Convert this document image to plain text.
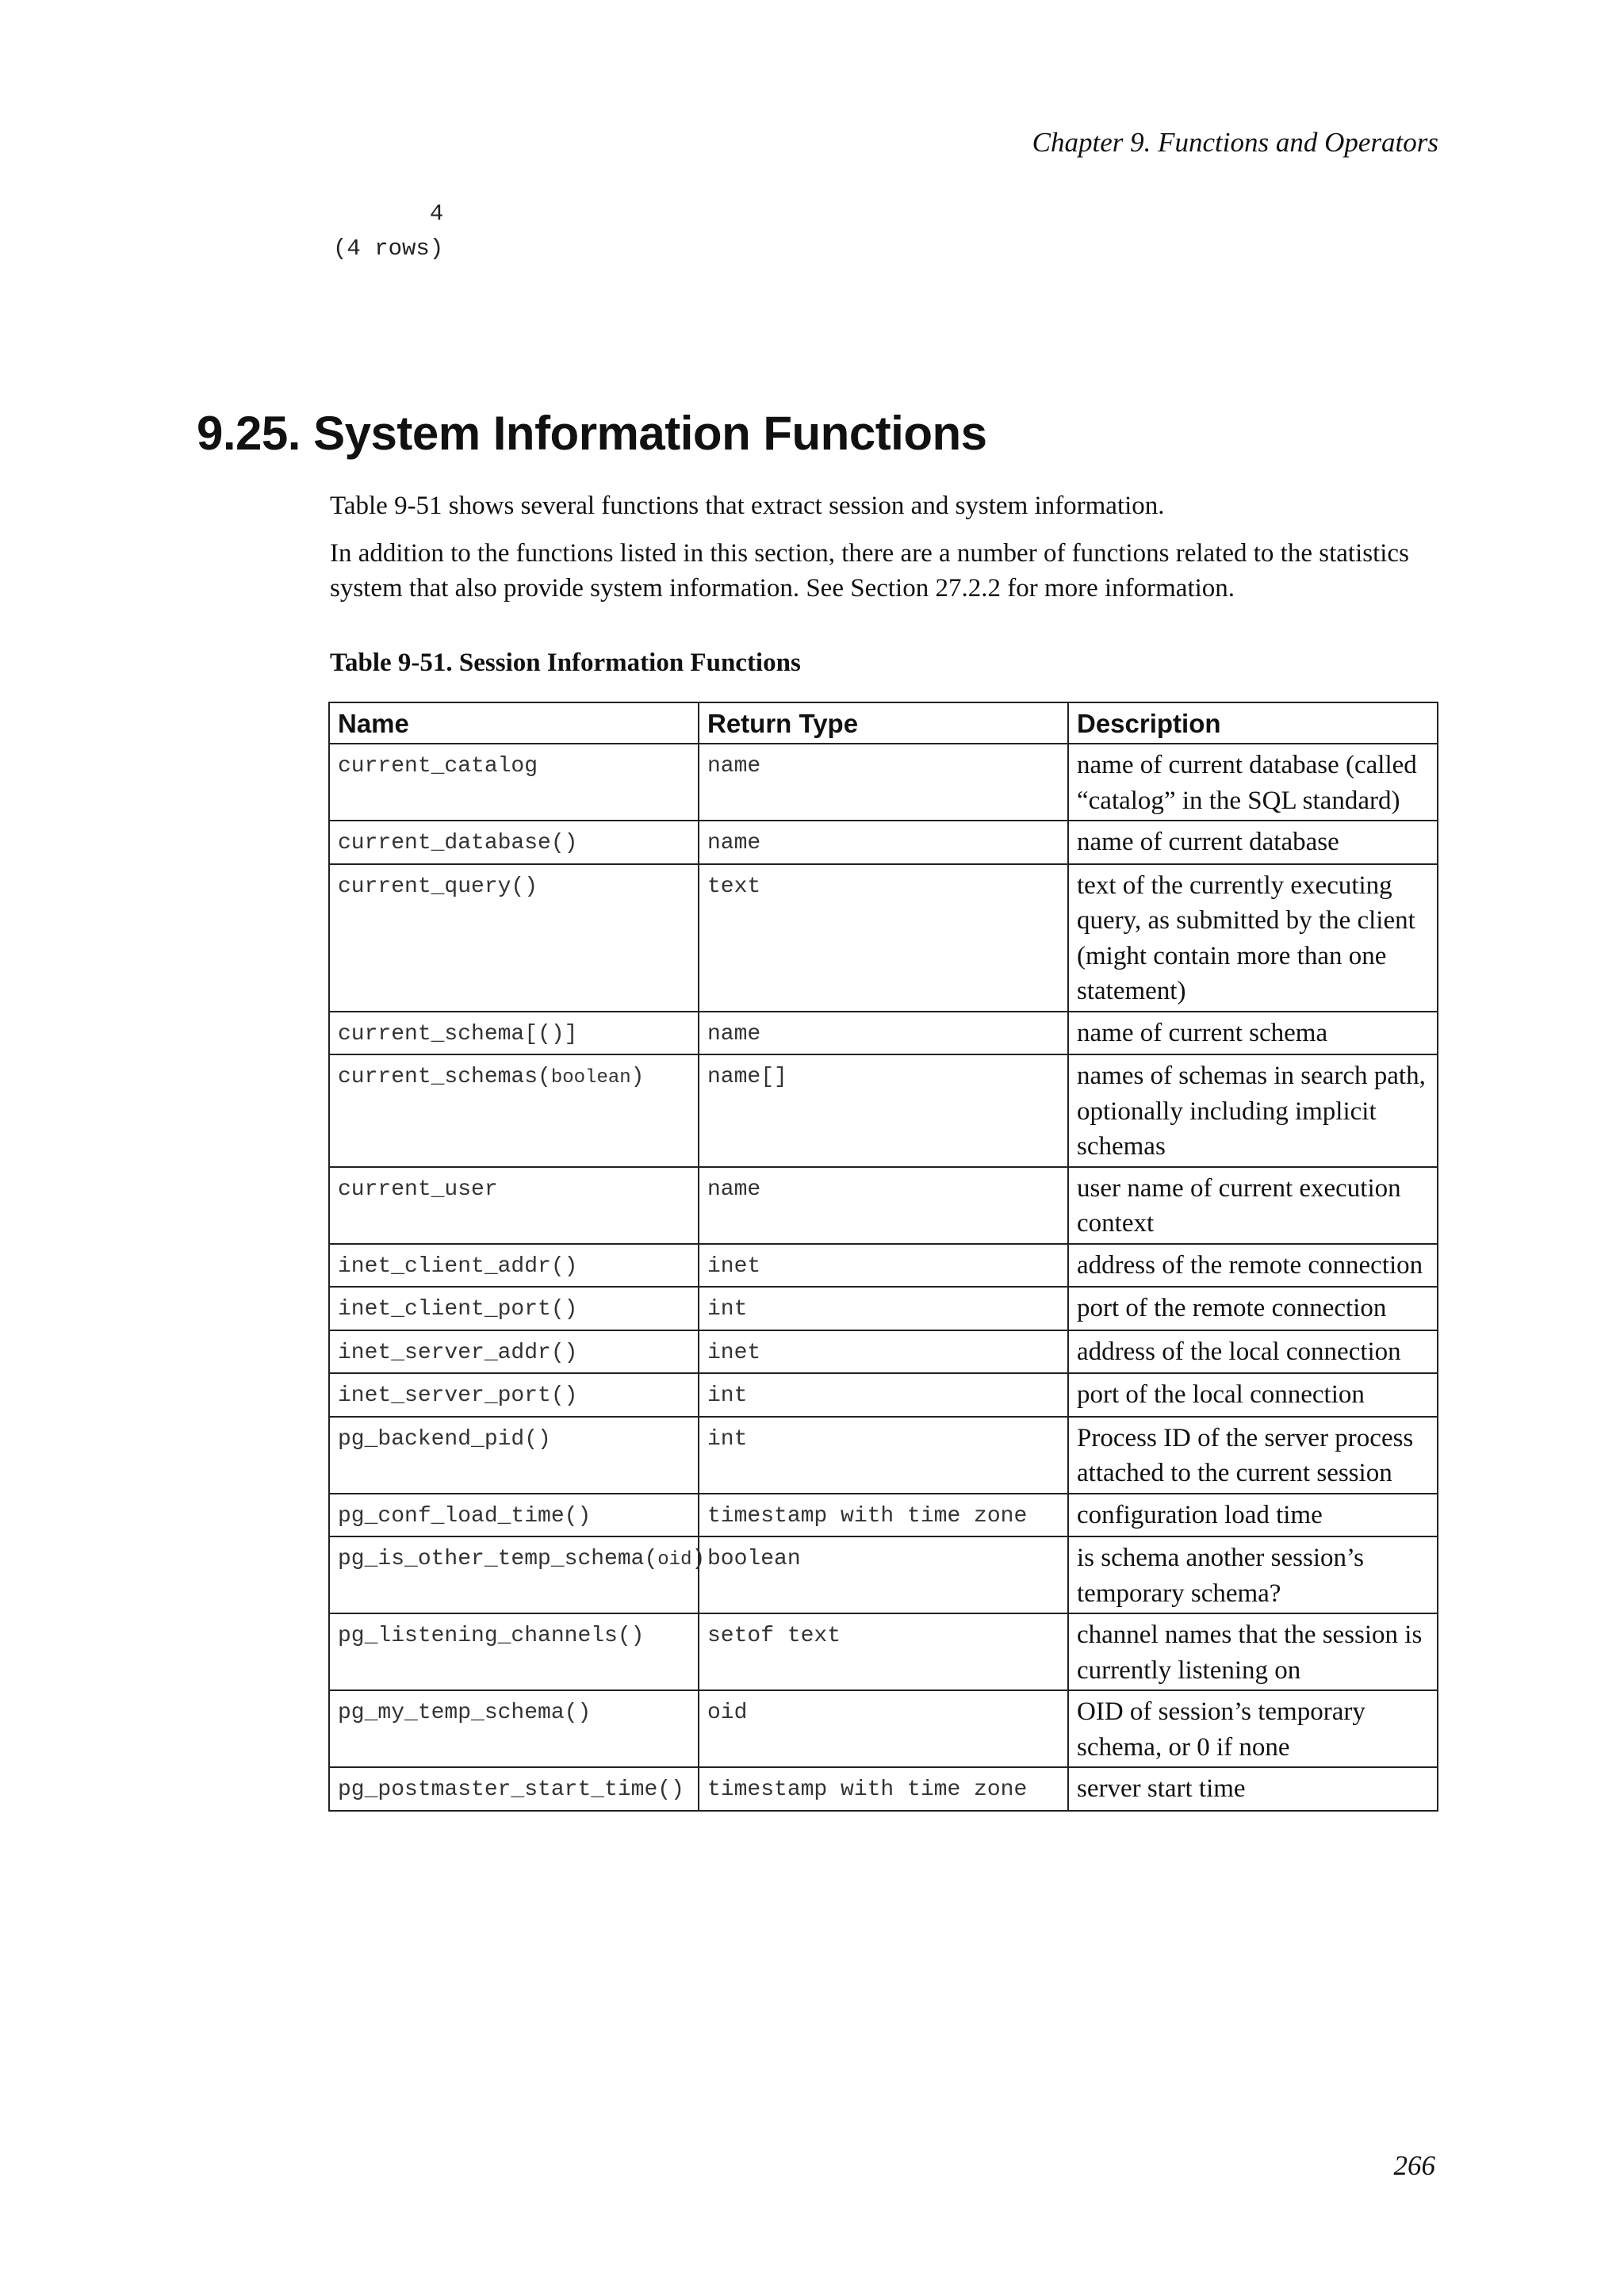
Chapter 9. Functions and Operators

4
(4 rows)
9.25. System Information Functions

Table 9-51 shows several functions that extract session and system information.

In addition to the functions listed in this section, there are a number of functions related to the statistics system that also provide system information. See Section 27.2.2 for more information.

Table 9-51. Session Information Functions

Name	Return Type	Description
current_catalog	name	name of current database (called “catalog” in the SQL standard)
current_database()	name	name of current database
current_query()	text	text of the currently executing query, as submitted by the client (might contain more than one statement)
current_schema[()]	name	name of current schema
current_schemas(boolean)	name[]	names of schemas in search path, optionally including implicit schemas
current_user	name	user name of current execution context
inet_client_addr()	inet	address of the remote connection
inet_client_port()	int	port of the remote connection
inet_server_addr()	inet	address of the local connection
inet_server_port()	int	port of the local connection
pg_backend_pid()	int	Process ID of the server process attached to the current session
pg_conf_load_time()	timestamp with time zone	configuration load time
pg_is_other_temp_schema(oid)	boolean	is schema another session’s temporary schema?
pg_listening_channels()	setof text	channel names that the session is currently listening on
pg_my_temp_schema()	oid	OID of session’s temporary schema, or 0 if none
pg_postmaster_start_time()	timestamp with time zone	server start time

266
